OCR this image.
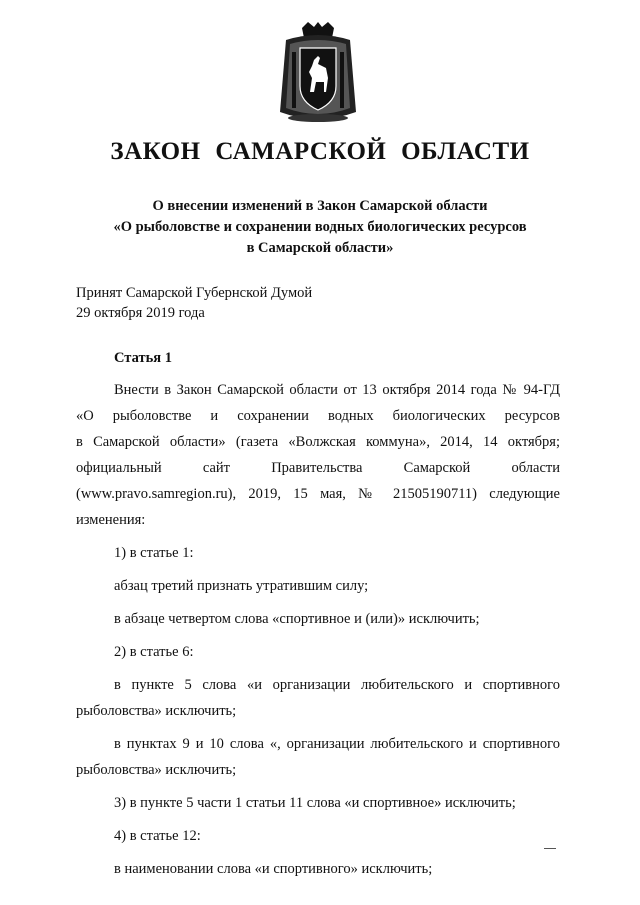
ЗАКОН САМАРСКОЙ ОБЛАСТИ
О внесении изменений в Закон Самарской области
«О рыболовстве и сохранении водных биологических ресурсов
в Самарской области»
Принят Самарской Губернской Думой
29 октября 2019 года
Статья 1
Внести в Закон Самарской области от 13 октября 2014 года № 94-ГД
«О рыболовстве и сохранении водных биологических ресурсов
в Самарской области» (газета «Волжская коммуна», 2014, 14 октября;
официальный сайт Правительства Самарской области
(www.pravo.samregion.ru), 2019, 15 мая, № 21505190711) следующие
изменения:
1) в статье 1:
абзац третий признать утратившим силу;
в абзаце четвертом слова «спортивное и (или)» исключить;
2) в статье 6:
в пункте 5 слова «и организации любительского и спортивного
рыболовства» исключить;
в пунктах 9 и 10 слова «, организации любительского и спортивного
рыболовства» исключить;
3) в пункте 5 части 1 статьи 11 слова «и спортивное» исключить;
4) в статье 12:
в наименовании слова «и спортивного» исключить;
